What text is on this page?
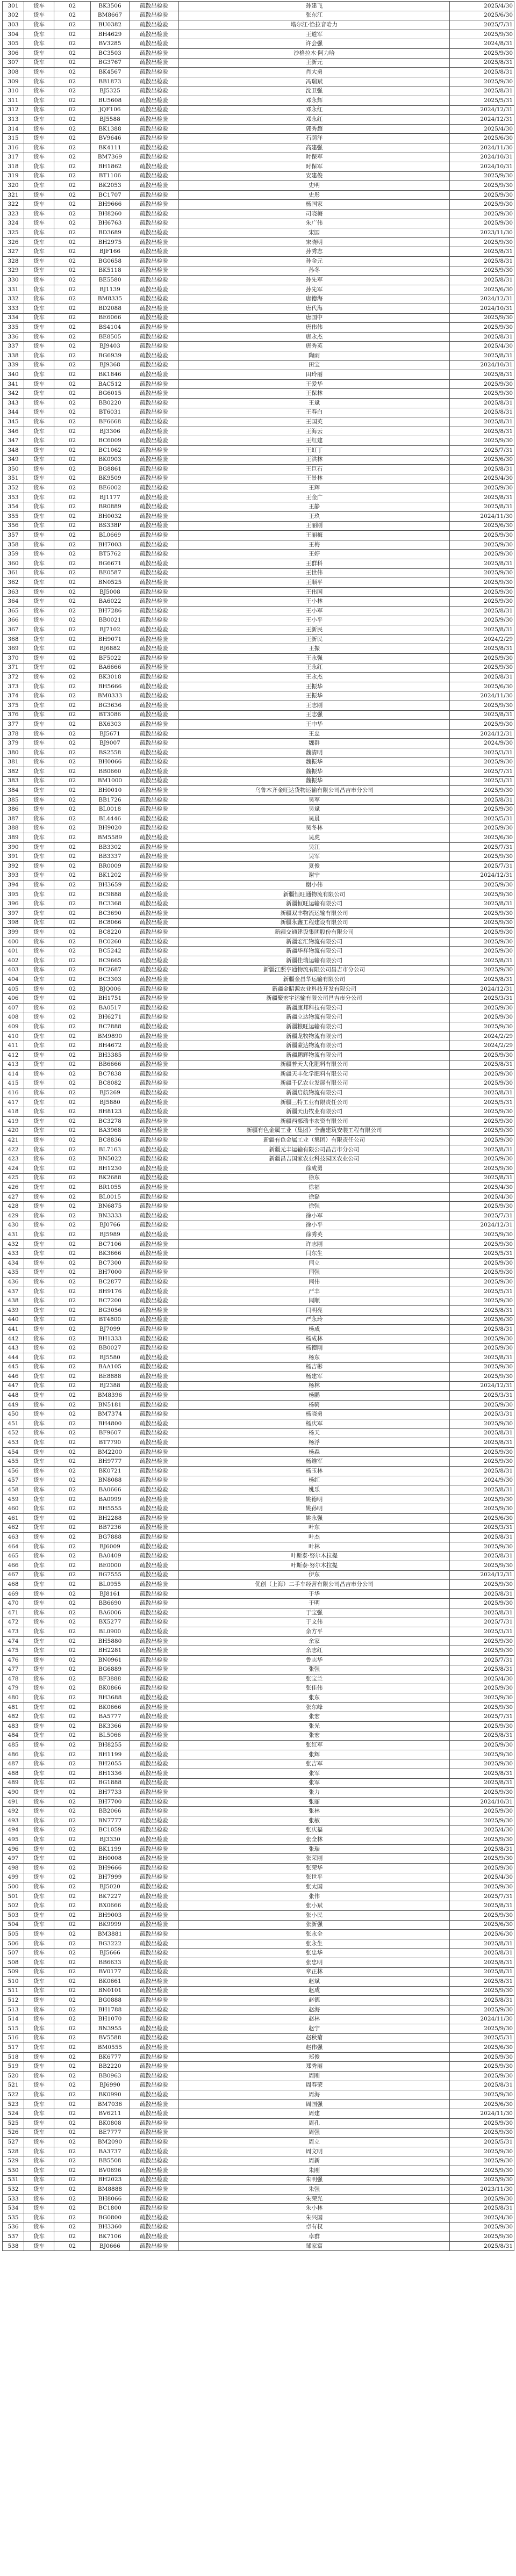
301	货车	02	BK3506	疏散出检验	孙建飞	2025/4/30
302	货车	02	BM8667	疏散出检验	张东江	2025/6/30
303	货车	02	BU0382	疏散出检验	塔尔江·恰拉音哈力	2025/7/31
304	货车	02	BH4629	疏散出检验	王道军	2025/9/30
305	货车	02	BV3285	疏散出检验	许会强	2024/8/31
306	货车	02	BC3503	疏散出检验	沙格拉木·阿力哈	2025/9/30
307	货车	02	BG3767	疏散出检验	王新元	2025/8/31
308	货车	02	BK4567	疏散出检验	肖大勇	2025/8/31
309	货车	02	BB1873	疏散出检验	冯瑞斌	2025/9/30
310	货车	02	BJ5325	疏散出检验	沈卫强	2025/8/31
311	货车	02	BU5608	疏散出检验	邓永辉	2025/5/31
312	货车	02	JQF106	疏散出检验	邓永红	2024/12/31
313	货车	02	BJ5588	疏散出检验	邓永红	2024/12/31
314	货车	02	BK1388	疏散出检验	郭秀超	2025/4/30
315	货车	02	BV9646	疏散出检验	石荫洋	2025/6/30
316	货车	02	BK4111	疏散出检验	高建强	2024/11/30
317	货车	02	BM7369	疏散出检验	时保军	2024/10/31
318	货车	02	BH1862	疏散出检验	时保军	2024/10/31
319	货车	02	BT1106	疏散出检验	安建俊	2025/9/30
320	货车	02	BK2053	疏散出检验	史明	2025/9/30
321	货车	02	BC1707	疏散出检验	史彤	2025/9/30
322	货车	02	BH9666	疏散出检验	杨国家	2025/9/30
323	货车	02	BH8260	疏散出检验	司晓梅	2025/9/30
324	货车	02	BH6763	疏散出检验	朱广伟	2025/9/30
325	货车	02	BD3689	疏散出检验	宋国	2023/11/30
326	货车	02	BH2975	疏散出检验	宋晓明	2025/9/30
327	货车	02	BJF166	疏散出检验	孙秀志	2025/8/31
328	货车	02	BG0658	疏散出检验	孙金元	2025/8/31
329	货车	02	BK5118	疏散出检验	孙冬	2025/9/30
330	货车	02	BE5580	疏散出检验	孙先军	2025/8/31
331	货车	02	BJ1139	疏散出检验	孙先军	2025/6/30
332	货车	02	BM8335	疏散出检验	唐德海	2024/12/31
333	货车	02	BD2088	疏散出检验	唐代海	2024/10/31
334	货车	02	BE6066	疏散出检验	唐国中	2025/9/30
335	货车	02	BS4104	疏散出检验	唐伟伟	2025/9/30
336	货车	02	BE8505	疏散出检验	唐永杰	2025/8/31
337	货车	02	BJ9403	疏散出检验	唐秀英	2025/4/30
338	货车	02	BG6939	疏散出检验	陶雨	2025/8/31
339	货车	02	BJ9368	疏散出检验	田宝	2024/10/31
340	货车	02	BK1846	疏散出检验	田玲丽	2025/8/31
341	货车	02	BAC512	疏散出检验	王爱华	2025/9/30
342	货车	02	BG6015	疏散出检验	王保林	2025/9/30
343	货车	02	BB0220	疏散出检验	王斌	2025/8/31
344	货车	02	BT6031	疏散出检验	王春白	2025/8/31
345	货车	02	BF6668	疏散出检验	王国英	2025/8/31
346	货车	02	BJ3306	疏散出检验	王海云	2025/8/31
347	货车	02	BC6009	疏散出检验	王红建	2025/9/30
348	货车	02	BC1062	疏散出检验	王虹丁	2025/7/31
349	货车	02	BK0903	疏散出检验	王洪林	2025/6/30
350	货车	02	BG8861	疏散出检验	王巨石	2025/8/31
351	货车	02	BK9509	疏散出检验	王景林	2025/4/30
352	货车	02	BE6002	疏散出检验	王辉	2025/9/30
353	货车	02	BJ1177	疏散出检验	王金广	2025/8/31
354	货车	02	BR0889	疏散出检验	王静	2025/8/31
355	货车	02	BH0032	疏散出检验	王玖	2024/11/30
356	货车	02	BS338P	疏散出检验	王丽刚	2025/6/30
357	货车	02	BL0669	疏散出检验	王丽梅	2025/9/30
358	货车	02	BH7003	疏散出检验	王梅	2025/9/30
359	货车	02	BT5762	疏散出检验	王婷	2025/9/30
360	货车	02	BG6671	疏散出检验	王群科	2025/8/31
361	货车	02	BE0587	疏散出检验	王世伟	2025/9/30
362	货车	02	BN0525	疏散出检验	王顺平	2025/9/30
363	货车	02	BJ5008	疏散出检验	王伟国	2025/9/30
364	货车	02	BA6022	疏散出检验	王小林	2025/9/30
365	货车	02	BH7286	疏散出检验	王小军	2025/8/31
366	货车	02	BB0021	疏散出检验	王小平	2025/9/30
367	货车	02	BJ7102	疏散出检验	王新民	2025/8/31
368	货车	02	BH9071	疏散出检验	王新民	2024/2/29
369	货车	02	BJ6882	疏散出检验	王振	2025/8/31
370	货车	02	BF5022	疏散出检验	王永强	2025/9/30
371	货车	02	BA6666	疏散出检验	王永红	2025/9/30
372	货车	02	BK3018	疏散出检验	王永杰	2025/8/31
373	货车	02	BH5666	疏散出检验	王振华	2025/6/30
374	货车	02	BM0333	疏散出检验	王振华	2024/11/30
375	货车	02	BG3636	疏散出检验	王志刚	2025/9/30
376	货车	02	BT3086	疏散出检验	王志强	2025/8/31
377	货车	02	BX6303	疏散出检验	王中华	2025/9/30
378	货车	02	BJ5671	疏散出检验	王忠	2024/12/31
379	货车	02	BJ9007	疏散出检验	魏群	2024/9/30
380	货车	02	BS2558	疏散出检验	魏清明	2025/3/31
381	货车	02	BH0066	疏散出检验	魏振华	2025/9/30
382	货车	02	BB0660	疏散出检验	魏振华	2025/7/31
383	货车	02	BM1000	疏散出检验	魏振华	2025/3/31
384	货车	02	BH0010	疏散出检验	乌鲁木齐金旺达货物运输有限公司昌吉市分公司	2025/9/30
385	货车	02	BB1726	疏散出检验	吴军	2025/8/31
386	货车	02	BL0018	疏散出检验	吴斌	2025/9/30
387	货车	02	BL4446	疏散出检验	吴晨	2025/5/31
388	货车	02	BH9020	疏散出检验	吴冬林	2025/9/30
389	货车	02	BM5589	疏散出检验	吴虎	2025/6/30
390	货车	02	BB3302	疏散出检验	吴江	2025/7/31
391	货车	02	BB3337	疏散出检验	吴军	2025/9/30
392	货车	02	BR0009	疏散出检验	夏俊	2025/7/31
393	货车	02	BK1202	疏散出检验	谢宁	2024/12/31
394	货车	02	BH3659	疏散出检验	谢小伟	2025/9/30
395	货车	02	BC9888	疏散出检验	新疆恒旺通物流有限公司	2025/9/30
396	货车	02	BC3368	疏散出检验	新疆恒旺运输有限公司	2025/8/31
397	货车	02	BC3690	疏散出检验	新疆双丰物流运输有限公司	2025/9/30
398	货车	02	BC8066	疏散出检验	新疆永鑫工程建设有限公司	2025/9/30
399	货车	02	BC8220	疏散出检验	新疆交通建设集团股份有限公司	2025/9/30
400	货车	02	BC0260	疏散出检验	新疆宏汇物流有限公司	2025/9/30
401	货车	02	BC5242	疏散出检验	新疆华祥物流有限公司	2025/9/30
402	货车	02	BC9665	疏散出检验	新疆佳瑞运输有限公司	2025/8/31
403	货车	02	BC2687	疏散出检验	新疆江照亨通物流有限公司昌吉市分公司	2025/9/30
404	货车	02	BC3303	疏散出检验	新疆金昌华运输有限公司	2025/8/31
405	货车	02	BJQ006	疏散出检验	新疆金昭源农业科技开发有限公司	2024/12/31
406	货车	02	BH1751	疏散出检验	新疆聚宏宇运输有限公司昌吉市分公司	2025/3/31
407	货车	02	BA0517	疏散出检验	新疆康邦科技有限公司	2025/9/30
408	货车	02	BH6271	疏散出检验	新疆立达物流有限公司	2025/9/30
409	货车	02	BC7888	疏散出检验	新疆粮旺运输有限公司	2025/9/30
410	货车	02	BM9890	疏散出检验	新疆龙牧物流有限公司	2024/2/29
411	货车	02	BH4672	疏散出检验	新疆蒙达物流有限公司	2024/2/29
412	货车	02	BH3385	疏散出检验	新疆鹏辉物流有限公司	2025/9/30
413	货车	02	BB6666	疏散出检验	新疆普天大化肥料有限公司	2025/8/31
414	货车	02	BC7838	疏散出检验	新疆天丰化学肥料有限公司	2025/9/30
415	货车	02	BC8082	疏散出检验	新疆千亿农业发展有限公司	2025/9/30
416	货车	02	BJ5269	疏散出检验	新疆启航物流有限公司	2025/8/31
417	货车	02	BJ5880	疏散出检验	新疆三特工业有限责任公司	2025/5/31
418	货车	02	BH8123	疏散出检验	新疆天山牧业有限公司	2025/9/30
419	货车	02	BC3278	疏散出检验	新疆西部瑞丰农资有限公司	2025/9/30
420	货车	02	BA3968	疏散出检验	新疆有色金属工业（集团）全鑫建筑安装工程有限公司	2025/9/30
421	货车	02	BC8836	疏散出检验	新疆有色金属工业（集团）有限责任公司	2025/9/30
422	货车	02	BL7163	疏散出检验	新疆元丰运输有限公司昌吉市分公司	2025/8/31
423	货车	02	BN5022	疏散出检验	新疆昌吉国家农业科技园区农业公司	2025/9/30
424	货车	02	BH1230	疏散出检验	徐成勇	2025/9/30
425	货车	02	BK2688	疏散出检验	徐东	2025/8/31
426	货车	02	BR1055	疏散出检验	徐福	2025/4/30
427	货车	02	BL0015	疏散出检验	徐磊	2025/4/30
428	货车	02	BN6875	疏散出检验	徐强	2025/9/30
429	货车	02	BN3333	疏散出检验	徐小军	2025/7/31
430	货车	02	BJ0766	疏散出检验	徐小平	2024/12/31
431	货车	02	BJ5989	疏散出检验	徐秀英	2025/9/30
432	货车	02	BC7106	疏散出检验	许志刚	2025/9/30
433	货车	02	BK3666	疏散出检验	闫东生	2025/5/31
434	货车	02	BC7300	疏散出检验	闫立	2025/9/30
435	货车	02	BH7000	疏散出检验	闫强	2025/9/30
436	货车	02	BC2877	疏散出检验	闫伟	2025/9/30
437	货车	02	BH9176	疏散出检验	严丰	2025/5/31
438	货车	02	BC7200	疏散出检验	闫顺	2025/9/30
439	货车	02	BG3056	疏散出检验	闫明亮	2025/8/31
440	货车	02	BT4800	疏散出检验	严永玲	2025/6/30
441	货车	02	BJ7099	疏散出检验	杨成	2025/8/31
442	货车	02	BH1333	疏散出检验	杨成林	2025/9/30
443	货车	02	BB0027	疏散出检验	杨德刚	2025/9/30
444	货车	02	BJ5580	疏散出检验	杨东	2025/8/31
445	货车	02	BAA105	疏散出检验	杨吉彬	2025/9/30
446	货车	02	BE8888	疏散出检验	杨建军	2025/9/30
447	货车	02	BJ2388	疏散出检验	杨林	2024/12/31
448	货车	02	BM8396	疏散出检验	杨鹏	2025/3/31
449	货车	02	BN5181	疏散出检验	杨骑	2025/9/30
450	货车	02	BM7374	疏散出检验	杨晓勇	2025/3/31
451	货车	02	BH4800	疏散出检验	杨庆军	2025/9/30
452	货车	02	BF9607	疏散出检验	杨天	2025/8/31
453	货车	02	BT7790	疏散出检验	杨浮	2025/8/31
454	货车	02	BM2200	疏散出检验	杨森	2025/9/30
455	货车	02	BH9777	疏散出检验	杨维军	2025/9/30
456	货车	02	BK0721	疏散出检验	杨玉林	2025/8/31
457	货车	02	BN8088	疏散出检验	杨红	2024/9/30
458	货车	02	BA0666	疏散出检验	姚乐	2025/8/31
459	货车	02	BA0999	疏散出检验	姚德明	2025/9/30
460	货车	02	BH5555	疏散出检验	姚孙明	2025/9/30
461	货车	02	BH2288	疏散出检验	姚永强	2025/6/30
462	货车	02	BB7236	疏散出检验	叶东	2025/3/31
463	货车	02	BG7888	疏散出检验	叶杰	2025/8/31
464	货车	02	BJ6009	疏散出检验	叶林	2025/9/30
465	货车	02	BA0409	疏散出检验	叶斯泰·努尔木拉提	2025/8/31
466	货车	02	BE0000	疏散出检验	叶斯泰·努尔木拉提	2025/9/30
467	货车	02	BG7555	疏散出检验	伊东	2024/12/31
468	货车	02	BL0955	疏散出检验	优创（上海）二手车经营有限公司昌吉市分公司	2025/9/30
469	货车	02	BJ8161	疏散出检验	于华	2025/8/31
470	货车	02	BB6690	疏散出检验	于明	2025/9/30
471	货车	02	BA6006	疏散出检验	于宝强	2025/8/31
472	货车	02	BX5277	疏散出检验	于文伟	2025/7/31
473	货车	02	BL0900	疏散出检验	余方平	2025/3/31
474	货车	02	BH5880	疏散出检验	余家	2025/9/30
475	货车	02	BH2281	疏散出检验	余志红	2025/9/30
476	货车	02	BN0961	疏散出检验	鲁志华	2025/7/31
477	货车	02	BG6889	疏散出检验	张强	2025/8/31
478	货车	02	BF3888	疏散出检验	张宝兰	2025/4/30
479	货车	02	BK0866	疏散出检验	张佳伟	2025/9/30
480	货车	02	BH3688	疏散出检验	张东	2025/9/30
481	货车	02	BK0666	疏散出检验	张东峰	2025/9/30
482	货车	02	BA5777	疏散出检验	张宏	2025/7/31
483	货车	02	BK3366	疏散出检验	张光	2025/9/30
484	货车	02	BL5066	疏散出检验	张宏	2025/8/31
485	货车	02	BH8255	疏散出检验	张红军	2025/9/30
486	货车	02	BH1199	疏散出检验	张辉	2025/9/30
487	货车	02	BH2055	疏散出检验	张吉军	2025/9/30
488	货车	02	BH1336	疏散出检验	张军	2025/8/31
489	货车	02	BG1888	疏散出检验	张军	2025/8/31
490	货车	02	BH7733	疏散出检验	张力	2025/9/30
491	货车	02	BH7700	疏散出检验	张丽	2024/10/31
492	货车	02	BB2066	疏散出检验	张林	2025/9/30
493	货车	02	BN7777	疏散出检验	张敏	2025/9/30
494	货车	02	BC1059	疏散出检验	张庆福	2025/4/30
495	货车	02	BJ3330	疏散出检验	张全林	2025/9/30
496	货车	02	BK1199	疏散出检验	张瑞	2025/8/31
497	货车	02	BH0008	疏散出检验	张荣刚	2025/9/30
498	货车	02	BH9666	疏散出检验	张荣华	2025/9/30
499	货车	02	BH7999	疏散出检验	张世平	2025/4/30
500	货车	02	BJ5020	疏散出检验	张太国	2025/9/30
501	货车	02	BK7227	疏散出检验	张伟	2025/7/31
502	货车	02	BX0666	疏散出检验	张小斌	2025/8/31
503	货车	02	BH9003	疏散出检验	张小民	2025/9/30
504	货车	02	BK9999	疏散出检验	张新强	2025/6/30
505	货车	02	BM3881	疏散出检验	张永全	2025/6/30
506	货车	02	BG3222	疏散出检验	张永生	2025/8/31
507	货车	02	BJ5666	疏散出检验	张忠华	2025/8/31
508	货车	02	BB6633	疏散出检验	张忠明	2025/8/31
509	货车	02	BV0177	疏散出检验	章正林	2025/8/31
510	货车	02	BK0661	疏散出检验	赵斌	2025/8/31
511	货车	02	BN0101	疏散出检验	赵成	2025/9/30
512	货车	02	BG0888	疏散出检验	赵德	2025/8/31
513	货车	02	BH1788	疏散出检验	赵海	2025/9/30
514	货车	02	BH1070	疏散出检验	赵林	2024/11/30
515	货车	02	BN3955	疏散出检验	赵宁	2025/9/30
516	货车	02	BV5588	疏散出检验	赵秋菊	2025/5/31
517	货车	02	BM0555	疏散出检验	赵伟强	2025/6/30
518	货车	02	BK6777	疏散出检验	郑俊	2025/9/30
519	货车	02	BB2220	疏散出检验	郑秀丽	2025/9/30
520	货车	02	BB0963	疏散出检验	周刚	2025/9/30
521	货车	02	BJ6990	疏散出检验	周春荣	2025/8/31
522	货车	02	BK0990	疏散出检验	周海	2025/9/30
523	货车	02	BM7036	疏散出检验	周国强	2025/6/30
524	货车	02	BV6211	疏散出检验	周建	2024/11/30
525	货车	02	BK0808	疏散出检验	周孔	2025/9/30
526	货车	02	BE7777	疏散出检验	周强	2025/9/30
527	货车	02	BM2090	疏散出检验	周立	2025/5/31
528	货车	02	BA3737	疏散出检验	周文明	2025/9/30
529	货车	02	BB5508	疏散出检验	周新	2025/9/30
530	货车	02	BV0696	疏散出检验	朱刚	2025/9/30
531	货车	02	BH2023	疏散出检验	朱明强	2025/9/30
532	货车	02	BM8888	疏散出检验	朱强	2023/11/30
533	货车	02	BH8066	疏散出检验	朱荣光	2025/9/30
534	货车	02	BC1800	疏散出检验	朱小林	2025/8/31
535	货车	02	BG0800	疏散出检验	朱兴国	2025/4/30
536	货车	02	BH3360	疏散出检验	卓有权	2025/9/30
537	货车	02	BK7106	疏散出检验	卓群	2025/9/30
538	货车	02	BJ0666	疏散出检验	邹家富	2025/8/31
